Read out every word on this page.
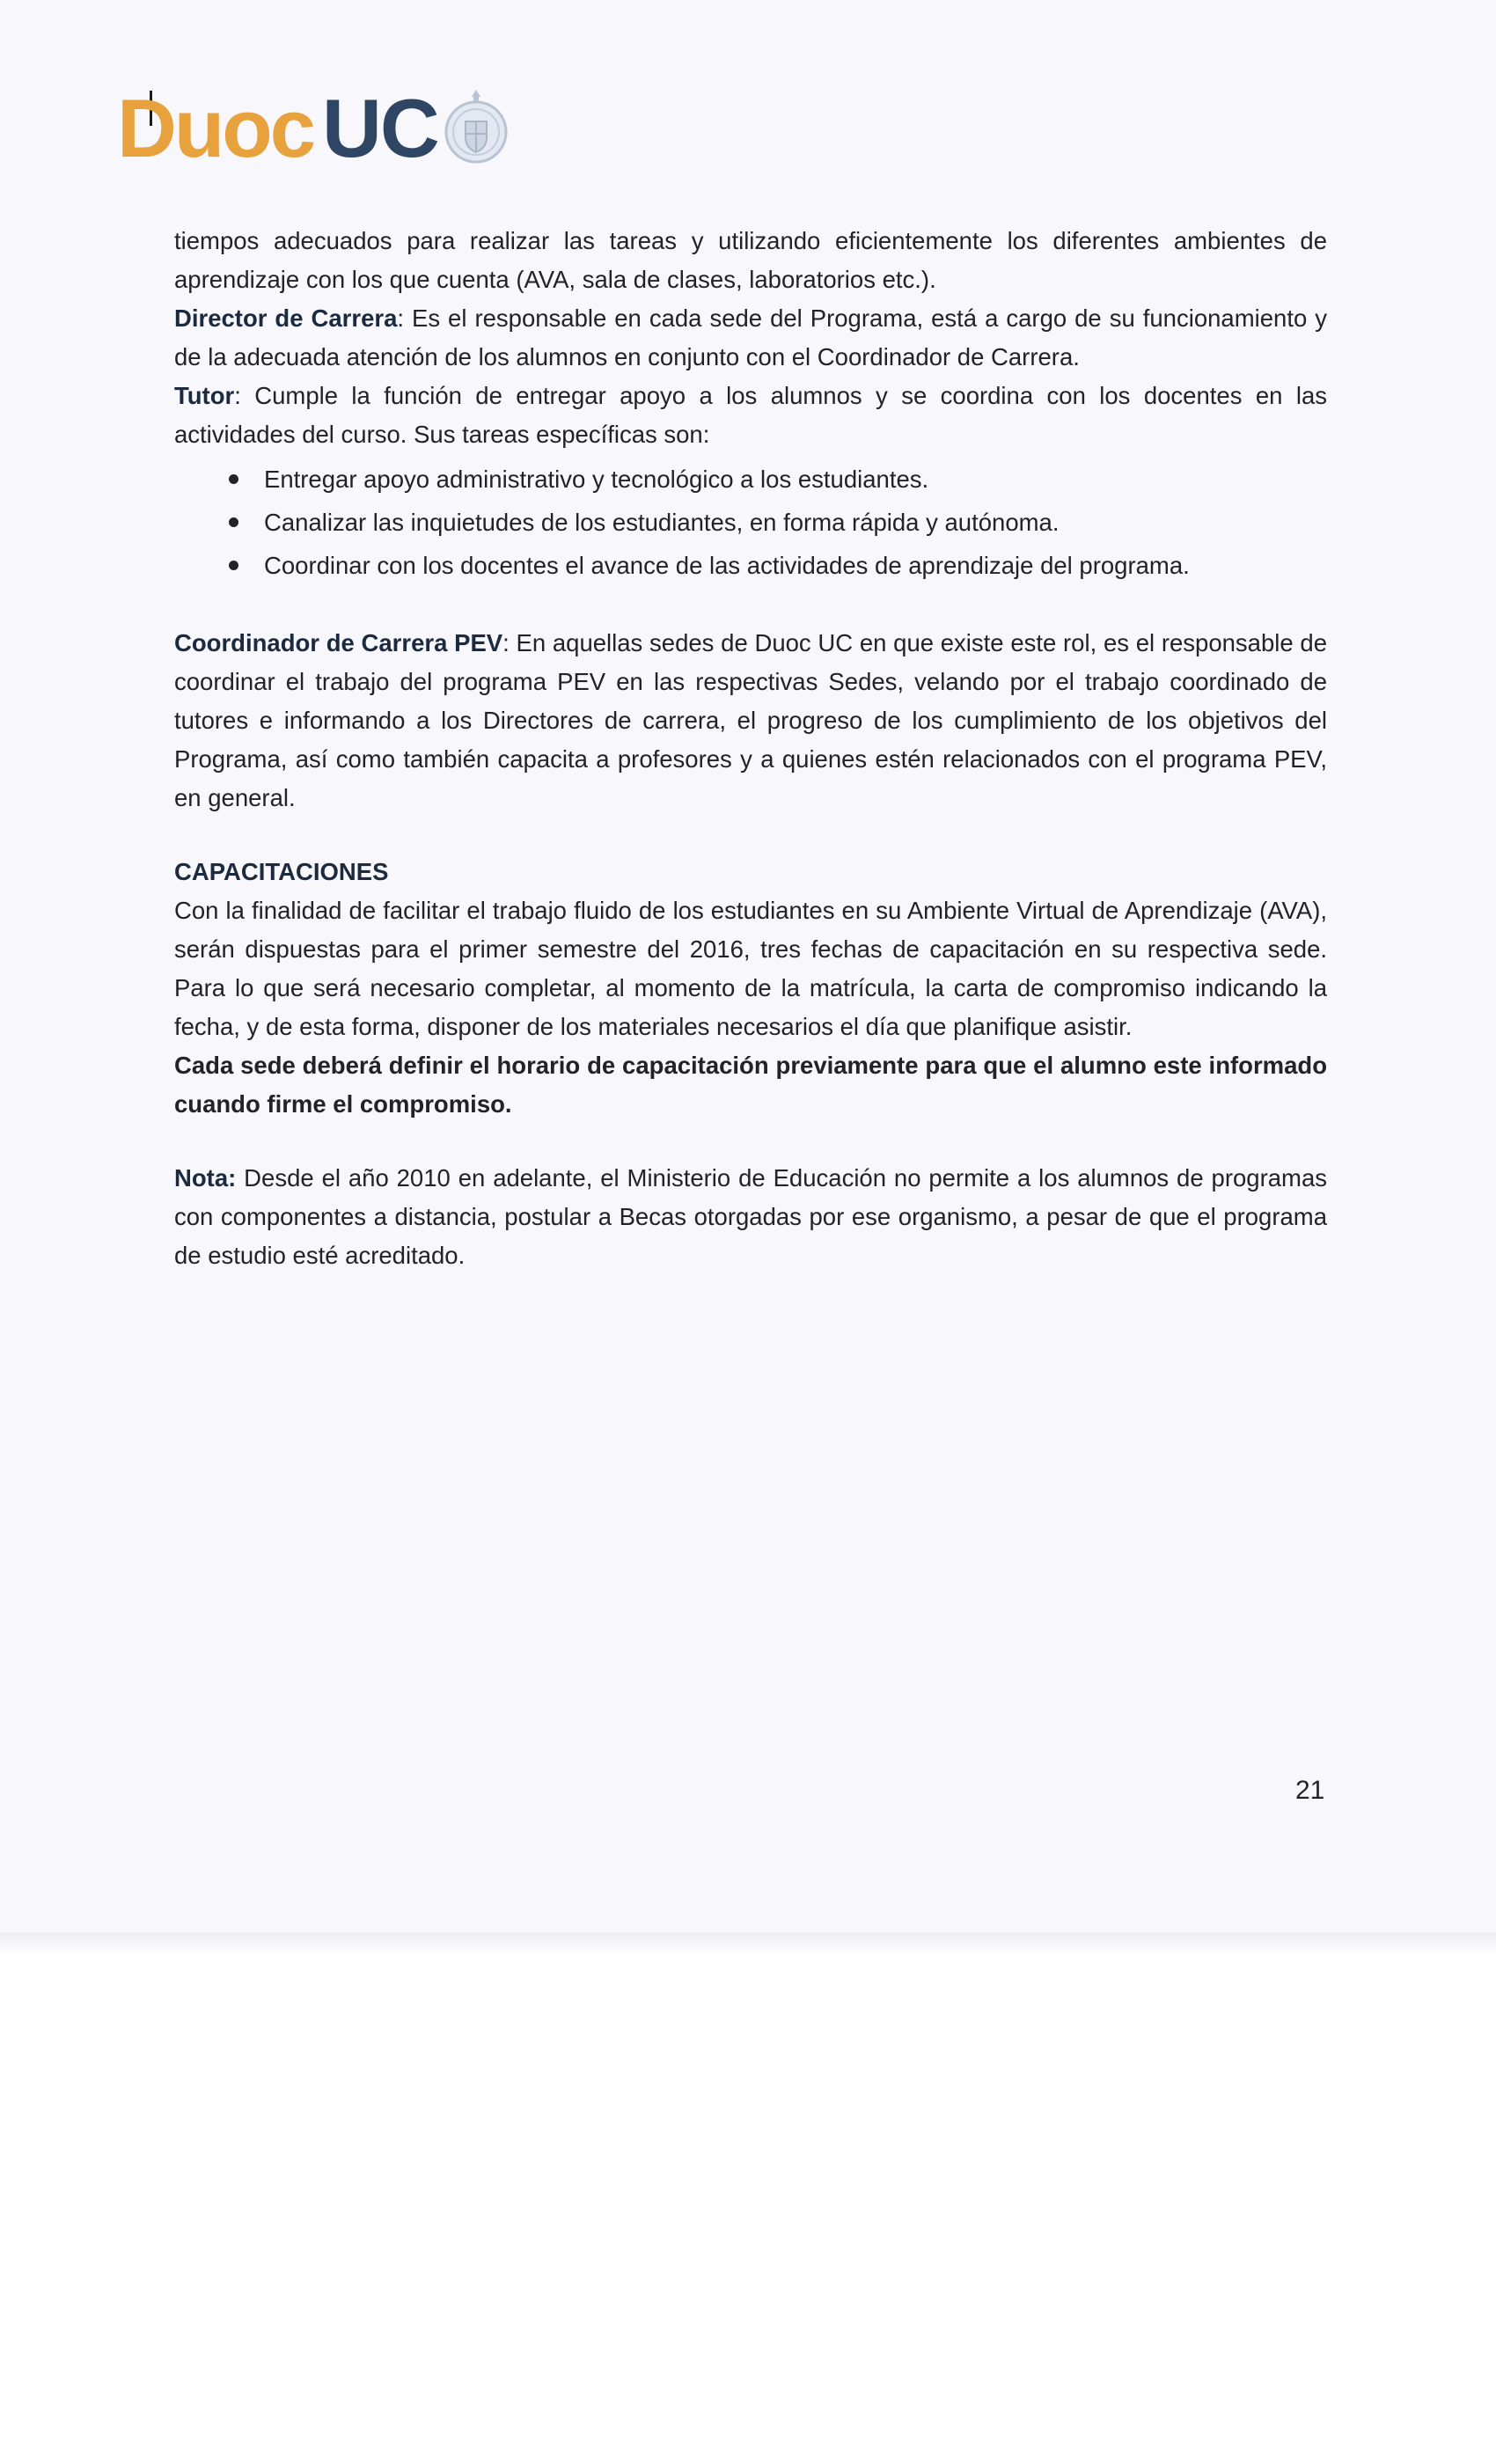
Duoc UC

tiempos adecuados para realizar las tareas y utilizando eficientemente los diferentes ambientes de aprendizaje con los que cuenta (AVA, sala de clases, laboratorios etc.).

Director de Carrera: Es el responsable en cada sede del Programa, está a cargo de su funcionamiento y de la adecuada atención de los alumnos en conjunto con el Coordinador de Carrera.

Tutor: Cumple la función de entregar apoyo a los alumnos y se coordina con los docentes en las actividades del curso. Sus tareas específicas son:

Entregar apoyo administrativo y tecnológico a los estudiantes.
Canalizar las inquietudes de los estudiantes, en forma rápida y autónoma.
Coordinar con los docentes el avance de las actividades de aprendizaje del programa.

Coordinador de Carrera PEV: En aquellas sedes de Duoc UC en que existe este rol, es el responsable de coordinar el trabajo del programa PEV en las respectivas Sedes, velando por el trabajo coordinado de tutores e informando a los Directores de carrera, el progreso de los cumplimiento de los objetivos del Programa, así como también capacita a profesores y a quienes estén relacionados con el programa PEV, en general.

CAPACITACIONES

Con la finalidad de facilitar el trabajo fluido de los estudiantes en su Ambiente Virtual de Aprendizaje (AVA), serán dispuestas para el primer semestre del 2016, tres fechas de capacitación en su respectiva sede. Para lo que será necesario completar, al momento de la matrícula, la carta de compromiso indicando la fecha, y de esta forma, disponer de los materiales necesarios el día que planifique asistir.

Cada sede deberá definir el horario de capacitación previamente para que el alumno este informado cuando firme el compromiso.

Nota: Desde el año 2010 en adelante, el Ministerio de Educación no permite a los alumnos de programas con componentes a distancia, postular a Becas otorgadas por ese organismo, a pesar de que el programa de estudio esté acreditado.

21
